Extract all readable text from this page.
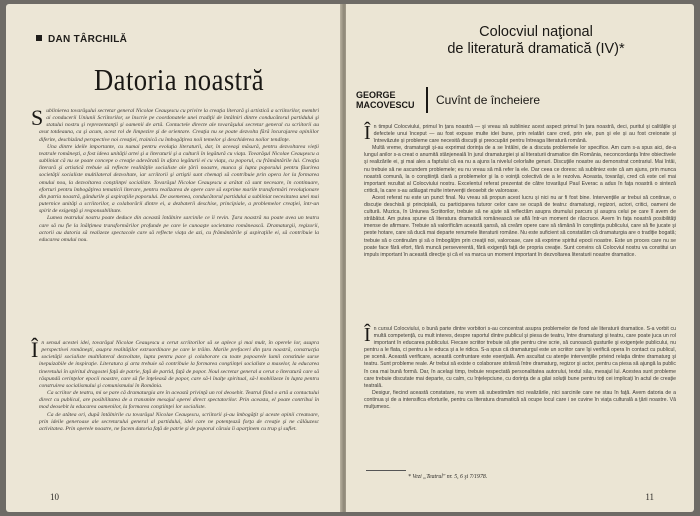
DAN TÂRCHILĂ
Datoria noastră

Sublinierea tovarăşului secretar general Nicolae Ceauşescu cu privire la creaţia literară şi artistică a scriitorilor, membri ai conducerii Uniunii Scriitorilor, se înscrie pe coordonatele unei tradiţii de întâlniri dintre conducătorul partidului şi statului nostru şi reprezentanţii şi oamenii de artă. Contactele directe ale tovarăşului secretar general cu scriitorii au avut totdeauna, ca şi acum, acest rol de limpezire şi de orientare. Creaţia nu se poate dezvolta fără încurajarea opiniilor diferite, deschizând perspective noi creaţiei, trainică cu îmbogăţirea noii temelor şi deschiderea noilor tendinţe.

Una dintre ideile importante, cu numai pentru evoluţia literaturii, dar, în aceeaşi măsură, pentru dezvoltarea vieţii teatrale româneşti, a fost ideea unităţii artei şi a literaturii şi a culturii în legătură cu viaţa. Tovarăşul Nicolae Ceauşescu a subliniat că nu se poate concepe o creaţie adevărată în afara legăturii ei cu viaţa, cu poporul, cu frământările lui. Creaţia literară şi artistică trebuie să reflecte realităţile socialiste ale ţării noastre, munca şi lupta poporului pentru făurirea societăţii socialiste multilateral dezvoltate, iar scriitorii şi artiştii sunt chemaţi să contribuie prin opera lor la formarea omului nou, la dezvoltarea conştiinţei socialiste. Tovarăşul Nicolae Ceauşescu a arătat că sunt necesare, în continuare, eforturi pentru îmbogăţirea tematicii literare, pentru realizarea de opere care să exprime marile transformări revoluţionare din patria noastră, gândurile şi aspiraţiile poporului. De asemenea, conducătorul partidului a subliniat necesitatea unei mai puternice unităţi a scriitorilor, a colaborării dintre ei, a dezbaterii deschise, principiale, a problemelor creaţiei, într-un spirit de exigenţă şi responsabilitate.

Lumea teatrului nostru poate deduce din această întâlnire sarcinile ce îi revin. Ţara noastră nu poate avea un teatru care să nu fie la înălţimea transformărilor profunde pe care le cunoaşte societatea românească. Dramaturgii, regizorii, actorii au datoria să realizeze spectacole care să reflecte viaţa de azi, cu frământările şi aspiraţiile ei, să contribuie la educarea omului nou.

În sensul acestei idei, tovarăşul Nicolae Ceauşescu a cerut scriitorilor să se aplece şi mai mult, în operele lor, asupra perspectivei româneşti, asupra realităţilor extraordinare pe care le trăim. Marile prefaceri din ţara noastră, construcţia societăţii socialiste multilateral dezvoltate, lupta pentru pace şi colaborare cu toate popoarele lumii constituie surse inepuizabile de inspiraţie. Literatura şi arta trebuie să contribuie la formarea conştiinţei socialiste a maselor, la educarea tineretului în spiritul dragostei faţă de patrie, faţă de partid, faţă de popor. Noul secretar general a cerut o literatură care să răspundă cerinţelor epocii noastre, care să fie înţeleasă de popor, care să-l înalţe spiritual, să-l mobilizeze în lupta pentru construirea socialismului şi comunismului în România.

Ca scriitor de teatru, mi se pare că dramaturgia are în această privinţă un rol deosebit. Teatrul fiind o artă a contactului direct cu publicul, are posibilitatea de a transmite mesajul operei direct spectatorilor. Prin aceasta, el poate contribui în mod deosebit la educarea oamenilor, la formarea conştiinţei lor socialiste.

Ca de atâtea ori, după întâlnirile cu tovarăşul Nicolae Ceauşescu, scriitorii şi-au îmbogăţit şi aceste opinii creatoare, prin ideile generoase ale secretarului general al partidului, idei care ne potenţează forţa de creaţie şi ne călăuzesc activitatea. Prin operele noastre, ne facem datoria faţă de patrie şi de poporul căruia îi aparţinem cu trup şi suflet.

10
Colocviul naţional
de literatură dramatică (IV)*
GEORGE
MACOVESCU Cuvînt de încheiere

În timpul Colocviului, primul în ţara noastră — şi vreau să subliniez acest aspect primul în ţara noastră, deci, puritul şi calităţile şi defectele unui început — au fost expuse multe idei bune, prin relatări care cred, prin ele, pun şi ele și au fost creionate și întrevăzute și probleme care necesită discuţii şi preocupări pentru întreaga literatură română.

Multă vreme, dramaturgii şi-au exprimat dorinţa de a se întâlni, de a discuta problemele lor specifice. Am cum s-a spus aici, de-a lungul anilor s-a creat o anumită stânjeneală în jurul dramaturgiei şi al literaturii dramatice din România, neconcordanţa între obiectivele şi realizările ei, şi mai ales a faptului că ea nu a ajuns la nivelul celorlalte genuri. Discuţiile noastre au demonstrat contrariul. Mai întâi, nu trebuie să ne ascundem problemele; eu nu vreau să mă refer la ele. Dar ceea ce doresc să subliniez este că am ajuns, prin munca noastră comună, la o conştiinţă clară a problemelor şi la o voinţă colectivă de a le rezolva. Aceasta, tovarăşi, cred că este cel mai important rezultat al Colocviului nostru. Excelentul referat prezentat de către tovarăşul Paul Everac a adus în faţa noastră o sinteză critică, la care s-au adăugat multe intervenţii deosebit de valoroase.

Acest referat nu este un punct final. Nu vreau să propun acest lucru şi nici nu ar fi fost bine. Intervenţiile ar trebui să continue, o discuţie deschisă şi principială, cu participarea tuturor celor care se ocupă de teatru: dramaturgi, regizori, actori, critici, oameni de cultură. Muzica, în Uniunea Scriitorilor, trebuie să ne ajute să reflectăm asupra drumului parcurs şi asupra celui pe care îl avem de străbătut. Am putea spune că literatura dramatică românească se află într-un moment de răscruce. Avem în faţa noastră posibilităţi imense de afirmare. Trebuie să valorificăm această şansă, să creăm opere care să rămână în conştiinţa publicului, care să fie jucate şi peste hotare, care să ducă mai departe renumele literaturii române. Nu este suficient să constatăm că dramaturgia are o tradiţie bogată; trebuie să o continuăm şi să o îmbogăţim prin creaţii noi, valoroase, care să exprime spiritul epocii noastre. Este un proces care nu se poate face fără efort, fără muncă perseverentă, fără exigenţă faţă de propria creaţie. Sunt convins că Colocviul nostru va constitui un impuls important în această direcţie şi că el va marca un moment important în dezvoltarea literaturii noastre dramatice.

În cursul Colocviului, o bună parte dintre vorbitori s-au concentrat asupra problemelor de fond ale literaturii dramatice. S-a vorbit cu multă competenţă, cu mult interes, despre raportul dintre publicul şi piesa de teatru, între dramaturgi şi teatru, care poate juca un rol important în educarea publicului. Fiecare scriitor trebuie să ştie pentru cine scrie, să cunoască gusturile şi exigenţele publicului, nu pentru a le flata, ci pentru a le educa şi a le ridica. S-a spus că dramaturgul este un scriitor care îşi verifică opera în contact cu publicul, pe scenă. Această verificare, această confruntare este esenţială. Am ascultat cu atenţie intervenţiile privind relaţia dintre dramaturg şi teatru. Sunt probleme reale. Ar trebui să existe o colaborare strânsă între dramaturg, regizor şi actor, pentru ca piesa să ajungă la public în cea mai bună formă. Dar, în acelaşi timp, trebuie respectată personalitatea autorului, textul său, mesajul lui. Acestea sunt probleme care trebuie discutate mai departe, cu calm, cu înţelepciune, cu dorinţa de a găsi soluţii bune pentru toţi cei implicaţi în actul de creaţie teatrală.

Desigur, fiecind această constatare, nu vrem să subestimăm nici realizările, nici sarcinile care ne stau în faţă. Avem datoria de a continua şi de a intensifica eforturile, pentru ca literatura dramatică să ocupe locul care i se cuvine în viaţa culturală a ţării noastre. Vă mulţumesc.

* Vezi „Teatrul" nr. 5, 6 şi 7/1978.
11
